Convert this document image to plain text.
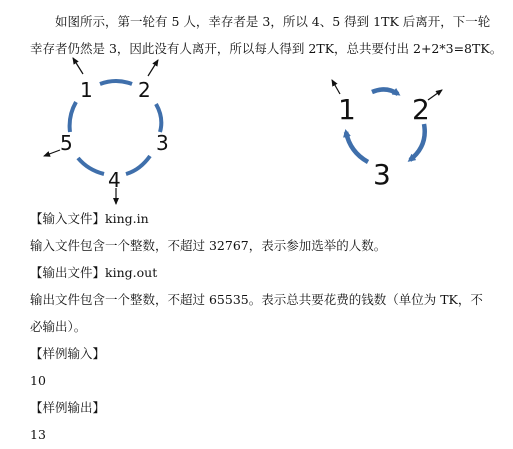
如图所示，第一轮有 5 人，幸存者是 3，所以 4、5 得到 1TK 后离开，下一轮
幸存者仍然是 3，因此没有人离开，所以每人得到 2TK，总共要付出 2+2*3=8TK。
1 2
3
4
5
1 2
3
【输入文件】king.in
输入文件包含一个整数，不超过 32767，表示参加选举的人数。
【输出文件】king.out
输出文件包含一个整数，不超过 65535。表示总共要花费的钱数（单位为 TK，不
必输出）。
【样例输入】
10
【样例输出】
13
